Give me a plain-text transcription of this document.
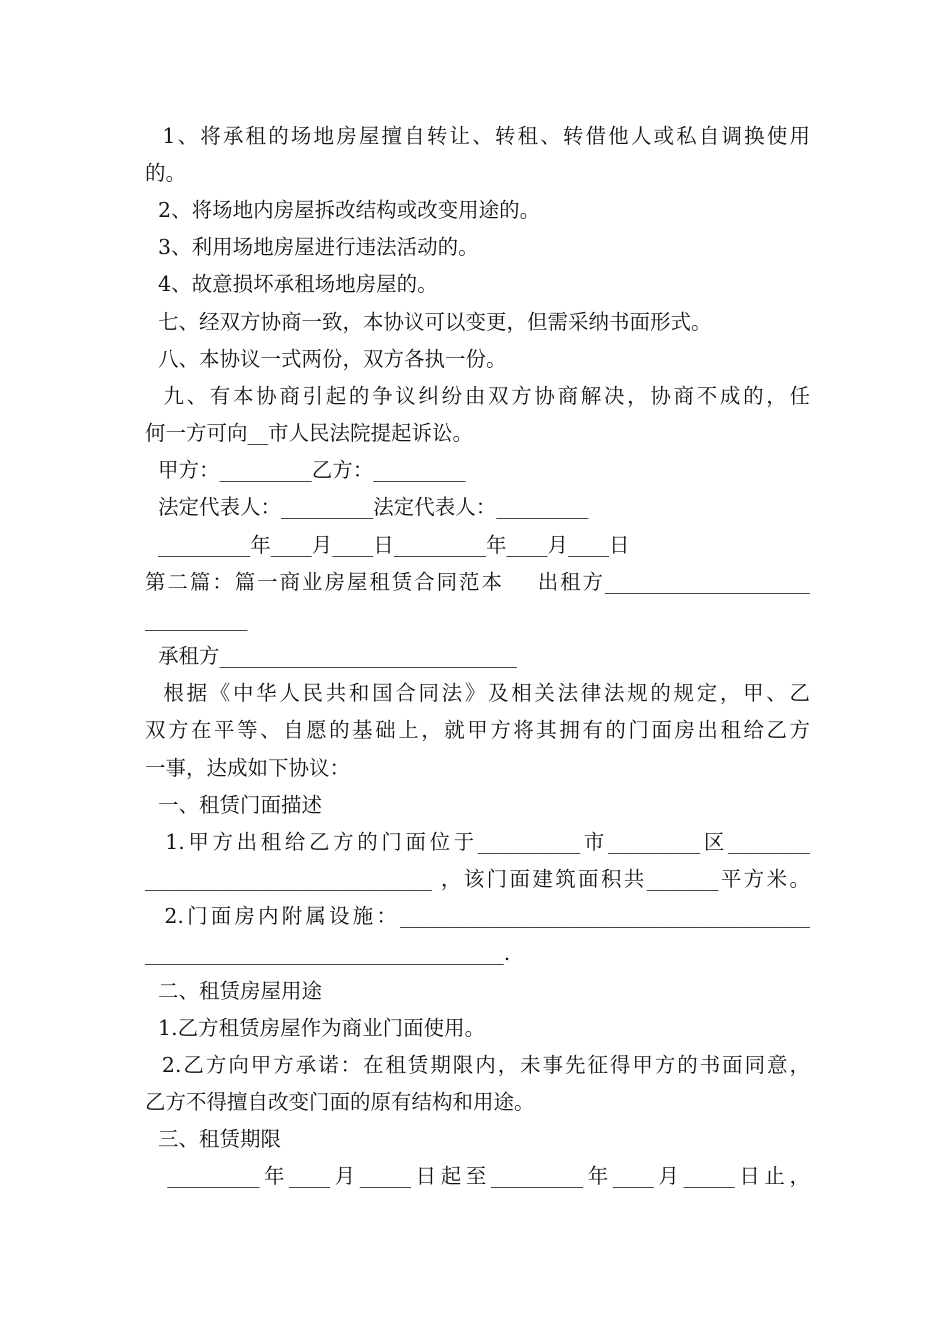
1、将承租的场地房屋擅自转让、转租、转借他人或私自调换使用
的。
2、将场地内房屋拆改结构或改变用途的。
3、利用场地房屋进行违法活动的。
4、故意损坏承租场地房屋的。
七、经双方协商一致，本协议可以变更，但需采纳书面形式。
八、本协议一式两份，双方各执一份。
九、有本协商引起的争议纠纷由双方协商解决，协商不成的，任
何一方可向__市人民法院提起诉讼。
甲方：_________乙方：_________
法定代表人：_________法定代表人：_________
_________年____月____日_________年____月____日
第二篇：篇一商业房屋租赁合同范本    出租方____________________
__________
承租方_____________________________
根据《中华人民共和国合同法》及相关法律法规的规定，甲、乙
双方在平等、自愿的基础上，就甲方将其拥有的门面房出租给乙方
一事，达成如下协议：
一、租赁门面描述
1.甲方出租给乙方的门面位于__________市_________区________
____________________________ ，该门面建筑面积共_______平方米。
2.门面房内附属设施：________________________________________
___________________________________.
二、租赁房屋用途
1.乙方租赁房屋作为商业门面使用。
2.乙方向甲方承诺：在租赁期限内，未事先征得甲方的书面同意，
乙方不得擅自改变门面的原有结构和用途。
三、租赁期限
_________年____月_____日起至_________年____月_____日止，
